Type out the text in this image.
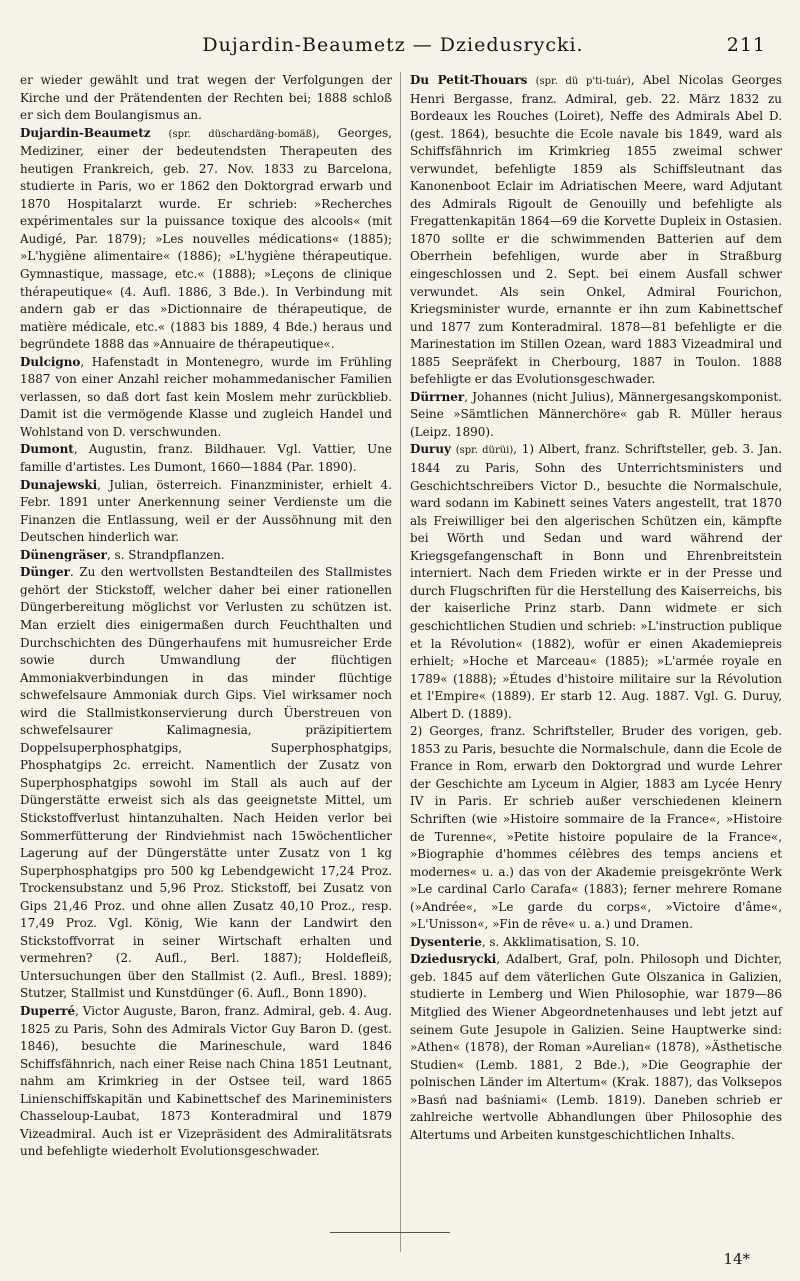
Dujardin-Beaumetz — Dziedusrycki.	211

er wieder gewählt und trat wegen der Verfolgungen der Kirche und der Prätendenten der Rechten bei; 1888 schloß er sich dem Boulangismus an.

Dujardin-Beaumetz (spr. düschardäng-bomäß), Georges, Mediziner, einer der bedeutendsten Therapeuten des heutigen Frankreich, geb. 27. Nov. 1833 zu Barcelona, studierte in Paris, wo er 1862 den Doktorgrad erwarb und 1870 Hospitalarzt wurde. Er schrieb: »Recherches expérimentales sur la puissance toxique des alcools« (mit Audigé, Par. 1879); »Les nouvelles médications« (1885); »L'hygiène alimentaire« (1886); »L'hygiène thérapeutique. Gymnastique, massage, etc.« (1888); »Leçons de clinique thérapeutique« (4. Aufl. 1886, 3 Bde.). In Verbindung mit andern gab er das »Dictionnaire de thérapeutique, de matière médicale, etc.« (1883 bis 1889, 4 Bde.) heraus und begründete 1888 das »Annuaire de thérapeutique«.

Dulcigno, Hafenstadt in Montenegro, wurde im Frühling 1887 von einer Anzahl reicher mohammedanischer Familien verlassen, so daß dort fast kein Moslem mehr zurückblieb. Damit ist die vermögende Klasse und zugleich Handel und Wohlstand von D. verschwunden.

Dumont, Augustin, franz. Bildhauer. Vgl. Vattier, Une famille d'artistes. Les Dumont, 1660—1884 (Par. 1890).

Dunajewski, Julian, österreich. Finanzminister, erhielt 4. Febr. 1891 unter Anerkennung seiner Verdienste um die Finanzen die Entlassung, weil er der Aussöhnung mit den Deutschen hinderlich war.

Dünengräser, s. Strandpflanzen.

Dünger. Zu den wertvollsten Bestandteilen des Stallmistes gehört der Stickstoff, welcher daher bei einer rationellen Düngerbereitung möglichst vor Verlusten zu schützen ist. Man erzielt dies einigermaßen durch Feuchthalten und Durchschichten des Düngerhaufens mit humusreicher Erde sowie durch Umwandlung der flüchtigen Ammoniakverbindungen in das minder flüchtige schwefelsaure Ammoniak durch Gips. Viel wirksamer noch wird die Stallmistkonservierung durch Überstreuen von schwefelsaurer Kalimagnesia, präzipitiertem Doppelsuperphosphatgips, Superphosphatgips, Phosphatgips 2c. erreicht. Namentlich der Zusatz von Superphosphatgips sowohl im Stall als auch auf der Düngerstätte erweist sich als das geeignetste Mittel, um Stickstoffverlust hintanzuhalten. Nach Heiden verlor bei Sommerfütterung der Rindviehmist nach 15wöchentlicher Lagerung auf der Düngerstätte unter Zusatz von 1 kg Superphosphatgips pro 500 kg Lebendgewicht 17,24 Proz. Trockensubstanz und 5,96 Proz. Stickstoff, bei Zusatz von Gips 21,46 Proz. und ohne allen Zusatz 40,10 Proz., resp. 17,49 Proz. Vgl. König, Wie kann der Landwirt den Stickstoffvorrat in seiner Wirtschaft erhalten und vermehren? (2. Aufl., Berl. 1887); Holdefleiß, Untersuchungen über den Stallmist (2. Aufl., Bresl. 1889); Stutzer, Stallmist und Kunstdünger (6. Aufl., Bonn 1890).

Duperré, Victor Auguste, Baron, franz. Admiral, geb. 4. Aug. 1825 zu Paris, Sohn des Admirals Victor Guy Baron D. (gest. 1846), besuchte die Marineschule, ward 1846 Schiffsfähnrich, nach einer Reise nach China 1851 Leutnant, nahm am Krimkrieg in der Ostsee teil, ward 1865 Linienschiffskapitän und Kabinettschef des Marineministers Chasseloup-Laubat, 1873 Konteradmiral und 1879 Vizeadmiral. Auch ist er Vizepräsident des Admiralitätsrats und befehligte wiederholt Evolutionsgeschwader.

Du Petit-Thouars (spr. dü p'ti-tuár), Abel Nicolas Georges Henri Bergasse, franz. Admiral, geb. 22. März 1832 zu Bordeaux les Rouches (Loiret), Neffe des Admirals Abel D. (gest. 1864), besuchte die Ecole navale bis 1849, ward als Schiffsfähnrich im Krimkrieg 1855 zweimal schwer verwundet, befehligte 1859 als Schiffsleutnant das Kanonenboot Eclair im Adriatischen Meere, ward Adjutant des Admirals Rigoult de Genouilly und befehligte als Fregattenkapitän 1864—69 die Korvette Dupleix in Ostasien. 1870 sollte er die schwimmenden Batterien auf dem Oberrhein befehligen, wurde aber in Straßburg eingeschlossen und 2. Sept. bei einem Ausfall schwer verwundet. Als sein Onkel, Admiral Fourichon, Kriegsminister wurde, ernannte er ihn zum Kabinettschef und 1877 zum Konteradmiral. 1878—81 befehligte er die Marinestation im Stillen Ozean, ward 1883 Vizeadmiral und 1885 Seepräfekt in Cherbourg, 1887 in Toulon. 1888 befehligte er das Evolutionsgeschwader.

Dürrner, Johannes (nicht Julius), Männergesangskomponist. Seine »Sämtlichen Männerchöre« gab R. Müller heraus (Leipz. 1890).

Duruy (spr. dürüi), 1) Albert, franz. Schriftsteller, geb. 3. Jan. 1844 zu Paris, Sohn des Unterrichtsministers und Geschichtschreibers Victor D., besuchte die Normalschule, ward sodann im Kabinett seines Vaters angestellt, trat 1870 als Freiwilliger bei den algerischen Schützen ein, kämpfte bei Wörth und Sedan und ward während der Kriegsgefangenschaft in Bonn und Ehrenbreitstein interniert. Nach dem Frieden wirkte er in der Presse und durch Flugschriften für die Herstellung des Kaiserreichs, bis der kaiserliche Prinz starb. Dann widmete er sich geschichtlichen Studien und schrieb: »L'instruction publique et la Révolution« (1882), wofür er einen Akademiepreis erhielt; »Hoche et Marceau« (1885); »L'armée royale en 1789« (1888); »Études d'histoire militaire sur la Révolution et l'Empire« (1889). Er starb 12. Aug. 1887. Vgl. G. Duruy, Albert D. (1889).

2) Georges, franz. Schriftsteller, Bruder des vorigen, geb. 1853 zu Paris, besuchte die Normalschule, dann die Ecole de France in Rom, erwarb den Doktorgrad und wurde Lehrer der Geschichte am Lyceum in Algier, 1883 am Lycée Henry IV in Paris. Er schrieb außer verschiedenen kleinern Schriften (wie »Histoire sommaire de la France«, »Histoire de Turenne«, »Petite histoire populaire de la France«, »Biographie d'hommes célèbres des temps anciens et modernes« u. a.) das von der Akademie preisgekrönte Werk »Le cardinal Carlo Carafa« (1883); ferner mehrere Romane (»Andrée«, »Le garde du corps«, »Victoire d'âme«, »L'Unisson«, »Fin de rêve« u. a.) und Dramen.

Dysenterie, s. Akklimatisation, S. 10.

Dziedusrycki, Adalbert, Graf, poln. Philosoph und Dichter, geb. 1845 auf dem väterlichen Gute Olszanica in Galizien, studierte in Lemberg und Wien Philosophie, war 1879—86 Mitglied des Wiener Abgeordnetenhauses und lebt jetzt auf seinem Gute Jesupole in Galizien. Seine Hauptwerke sind: »Athen« (1878), der Roman »Aurelian« (1878), »Ästhetische Studien« (Lemb. 1881, 2 Bde.), »Die Geographie der polnischen Länder im Altertum« (Krak. 1887), das Volksepos »Basń nad baśniami« (Lemb. 1819). Daneben schrieb er zahlreiche wertvolle Abhandlungen über Philosophie des Altertums und Arbeiten kunstgeschichtlichen Inhalts.

14*
